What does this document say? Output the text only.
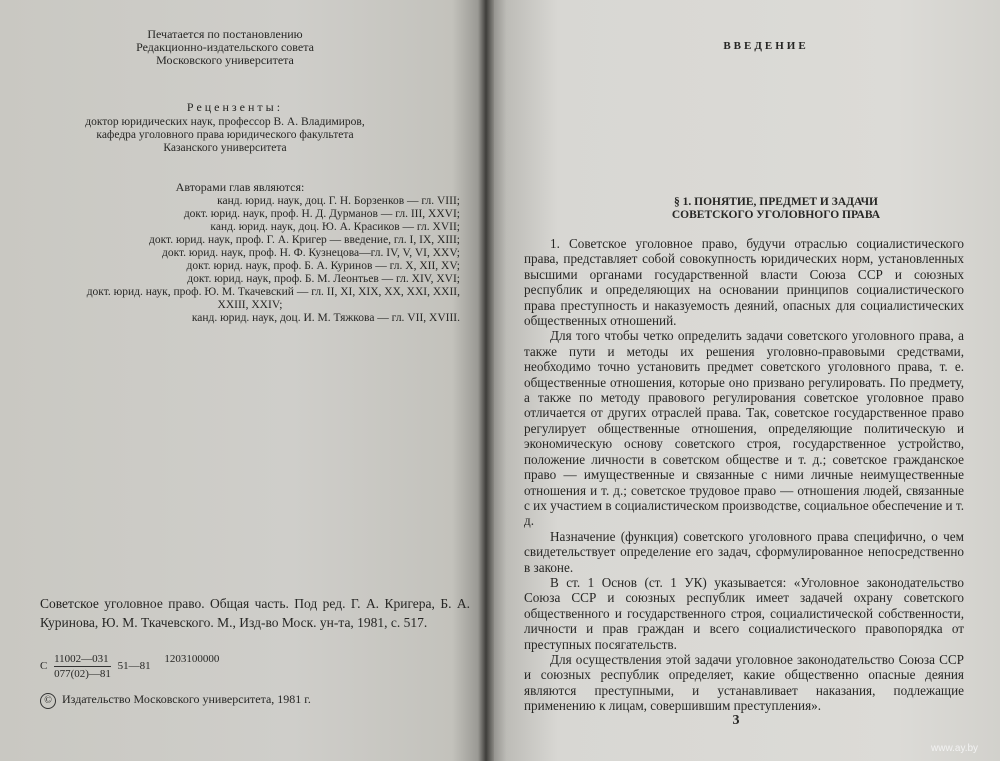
Печатается по постановлению
Редакционно-издательского совета
Московского университета
Рецензенты:
доктор юридических наук, профессор В. А. Владимиров,
кафедра уголовного права юридического факультета
Казанского университета
Авторами глав являются:
канд. юрид. наук, доц. Г. Н. Борзенков — гл. VIII;
докт. юрид. наук, проф. Н. Д. Дурманов — гл. III, XXVI;
канд. юрид. наук, доц. Ю. А. Красиков — гл. XVII;
докт. юрид. наук, проф. Г. А. Кригер — введение, гл. I, IX, XIII;
докт. юрид. наук, проф. Н. Ф. Кузнецова—гл. IV, V, VI, XXV;
докт. юрид. наук, проф. Б. А. Куринов — гл. X, XII, XV;
докт. юрид. наук, проф. Б. М. Леонтьев — гл. XIV, XVI;
докт. юрид. наук, проф. Ю. М. Ткачевский — гл. II, XI, XIX, XX, XXI, XXII,
XXIII, XXIV;
канд. юрид. наук, доц. И. М. Тяжкова — гл. VII, XVIII.
Советское уголовное право. Общая часть. Под ред. Г. А. Кригера, Б. А. Куринова, Ю. М. Ткачевского. М., Изд-во Моск. ун-та, 1981, с. 517.
С $\frac{11002—031}{077(02)—81}$ 51—81     1203100000
© Издательство Московского университета, 1981 г.
ВВЕДЕНИЕ
§ 1. ПОНЯТИЕ, ПРЕДМЕТ И ЗАДАЧИ
СОВЕТСКОГО УГОЛОВНОГО ПРАВА

1. Советское уголовное право, будучи отраслью социалистического права, представляет собой совокупность юридических норм, установленных высшими органами государственной власти Союза ССР и союзных республик и определяющих на основании принципов социалистического права преступность и наказуемость деяний, опасных для социалистических общественных отношений.

Для того чтобы четко определить задачи советского уголовного права, а также пути и методы их решения уголовно-правовыми средствами, необходимо точно установить предмет советского уголовного права, т. е. общественные отношения, которые оно призвано регулировать. По предмету, а также по методу правового регулирования советское уголовное право отличается от других отраслей права. Так, советское государственное право регулирует общественные отношения, определяющие политическую и экономическую основу советского строя, государственное устройство, положение личности в советском обществе и т. д.; советское гражданское право — имущественные и связанные с ними личные неимущественные отношения и т. д.; советское трудовое право — отношения людей, связанные с их участием в социалистическом производстве, социальное обеспечение и т. д.

Назначение (функция) советского уголовного права специфично, о чем свидетельствует определение его задач, сформулированное непосредственно в законе.

В ст. 1 Основ (ст. 1 УК) указывается: «Уголовное законодательство Союза ССР и союзных республик имеет задачей охрану советского общественного и государственного строя, социалистической собственности, личности и прав граждан и всего социалистического правопорядка от преступных посягательств.

Для осуществления этой задачи уголовное законодательство Союза ССР и союзных республик определяет, какие общественно опасные деяния являются преступными, и устанавливает наказания, подлежащие применению к лицам, совершившим преступления».

3
www.ay.by
